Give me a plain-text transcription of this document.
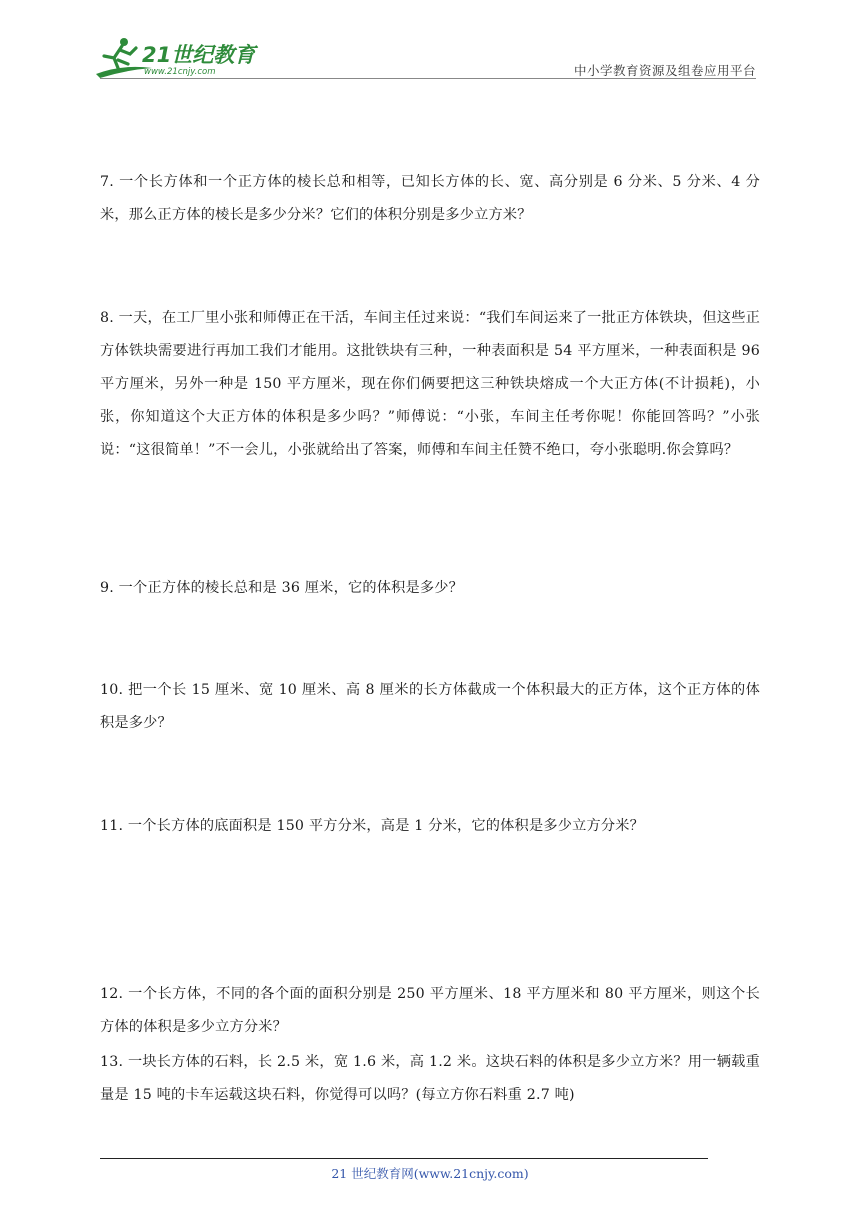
21世纪教育
www.21cnjy.com	中小学教育资源及组卷应用平台

7. 一个长方体和一个正方体的棱长总和相等，已知长方体的长、宽、高分别是 6 分米、5 分米、4 分米，那么正方体的棱长是多少分米？它们的体积分别是多少立方米？

8. 一天，在工厂里小张和师傅正在干活，车间主任过来说：“我们车间运来了一批正方体铁块，但这些正方体铁块需要进行再加工我们才能用。这批铁块有三种，一种表面积是 54 平方厘米，一种表面积是 96 平方厘米，另外一种是 150 平方厘米，现在你们俩要把这三种铁块熔成一个大正方体(不计损耗)，小张，你知道这个大正方体的体积是多少吗？”师傅说：“小张，车间主任考你呢！你能回答吗？”小张说：“这很简单！”不一会儿，小张就给出了答案，师傅和车间主任赞不绝口，夸小张聪明.你会算吗？

9. 一个正方体的棱长总和是 36 厘米，它的体积是多少？

10. 把一个长 15 厘米、宽 10 厘米、高 8 厘米的长方体截成一个体积最大的正方体，这个正方体的体积是多少？

11. 一个长方体的底面积是 150 平方分米，高是 1 分米，它的体积是多少立方分米？

12. 一个长方体，不同的各个面的面积分别是 250 平方厘米、18 平方厘米和 80 平方厘米，则这个长方体的体积是多少立方分米？

13. 一块长方体的石料，长 2.5 米，宽 1.6 米，高 1.2 米。这块石料的体积是多少立方米？用一辆载重量是 15 吨的卡车运载这块石料，你觉得可以吗？(每立方你石料重 2.7 吨)

21 世纪教育网(www.21cnjy.com)
